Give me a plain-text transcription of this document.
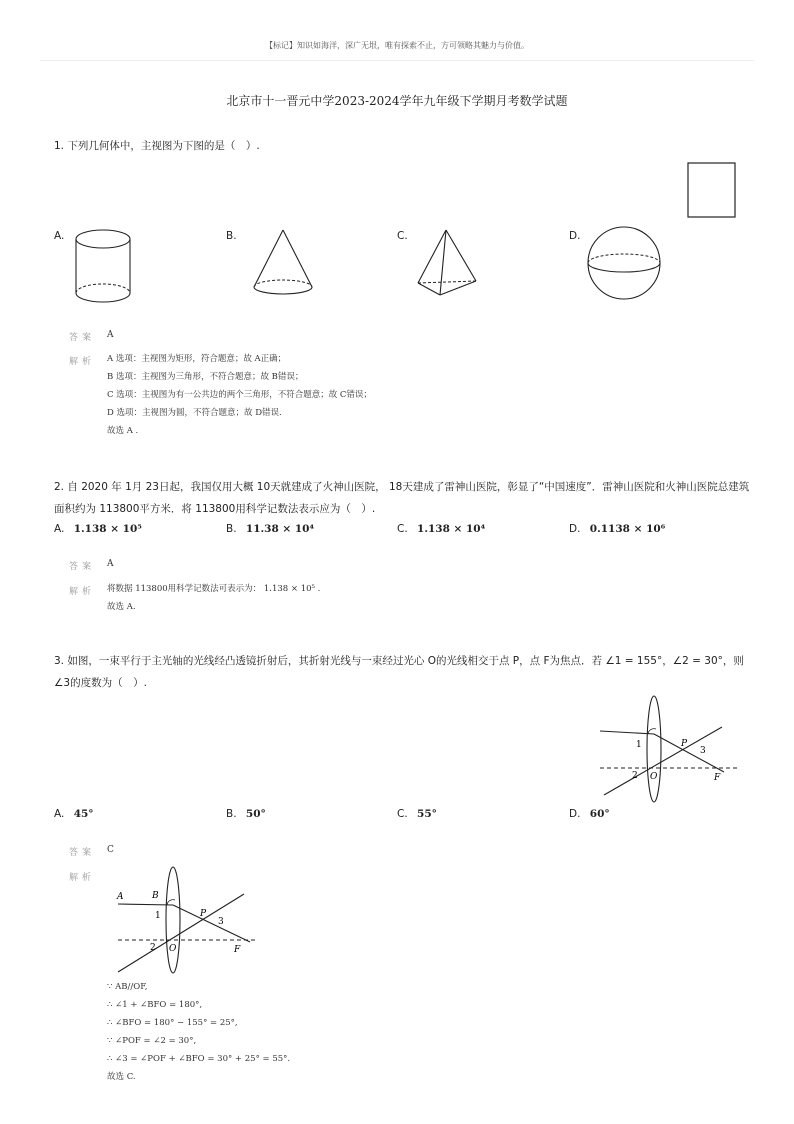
【标记】知识如海洋，深广无垠，唯有探索不止，方可领略其魅力与价值。
北京市十一晋元中学2023-2024学年九年级下学期月考数学试题
1. 下列几何体中，主视图为下图的是（　）.
A.	B.	C.	D.
答案 A
解析 A 选项：主视图为矩形，符合题意；故 A正确；
B 选项：主视图为三角形，不符合题意；故 B错误；
C 选项：主视图为有一公共边的两个三角形，不符合题意；故 C错误；
D 选项：主视图为圆，不符合题意；故 D错误.
故选 A .
2. 自 2020 年 1月 23日起，我国仅用大概 10天就建成了火神山医院， 18天建成了雷神山医院，彰显了“中国速度”．雷神山医院和火神山医院总建筑
面积约为 113800平方米．将 113800用科学记数法表示应为（　）.
A. 1.138 × 10⁵	B. 11.38 × 10⁴	C. 1.138 × 10⁴	D. 0.1138 × 10⁶
答案 A
解析 将数据 113800用科学记数法可表示为： 1.138 × 10⁵ .
故选 A.
3. 如图，一束平行于主光轴的光线经凸透镜折射后，其折射光线与一束经过光心 O的光线相交于点 P，点 F为焦点．若 ∠1 = 155°，∠2 = 30°，则
∠3的度数为（　）.
1
2
3
P
O	F
A. 45°	B. 50°	C. 55°	D. 60°
答案 C
解析
A	B
1
2
3
P
O	F
∵ AB//OF,
∴ ∠1 + ∠BFO = 180°,
∴ ∠BFO = 180° − 155° = 25°,
∵ ∠POF = ∠2 = 30°,
∴ ∠3 = ∠POF + ∠BFO = 30° + 25° = 55°.
故选 C.
